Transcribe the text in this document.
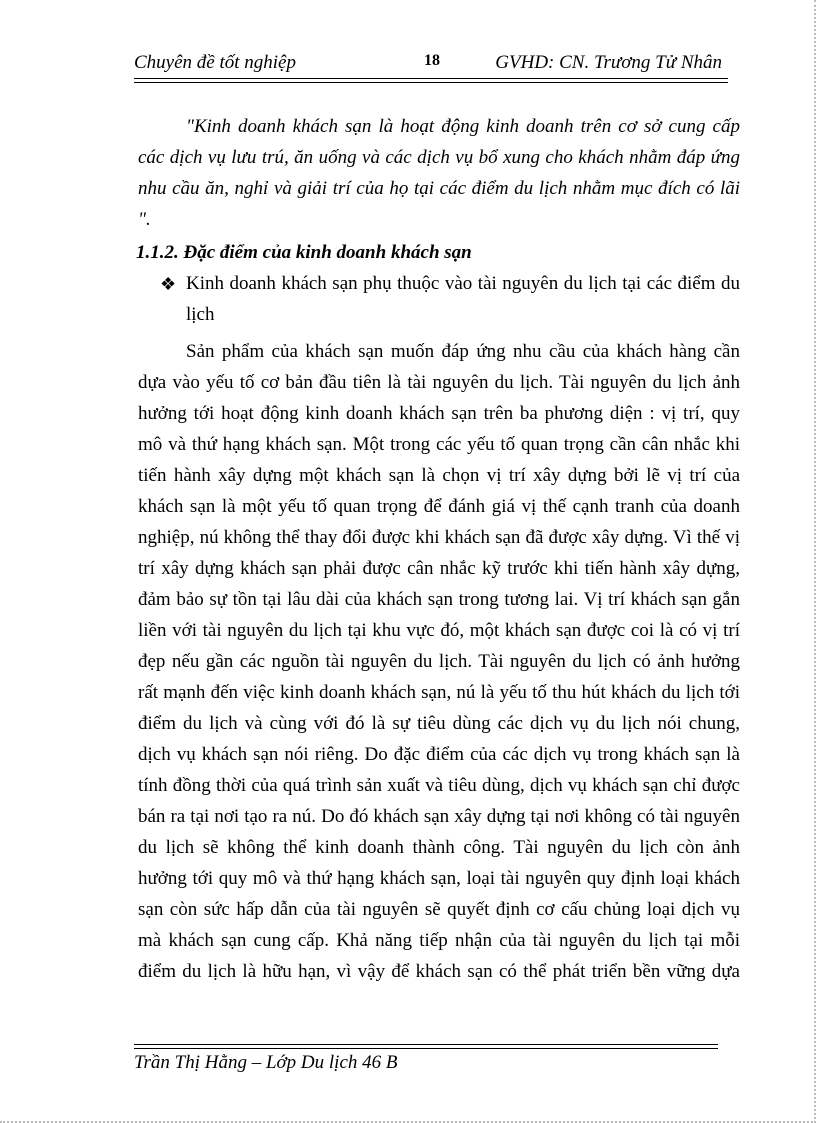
Chuyên đề tốt nghiệp	18	GVHD: CN. Trương Tử Nhân
"Kinh doanh khách sạn là hoạt động kinh doanh trên cơ sở cung cấp
các dịch vụ lưu trú, ăn uống và các dịch vụ bổ xung cho khách nhằm đáp ứng
nhu cầu ăn, nghỉ và giải trí của họ tại các điểm du lịch nhằm mục đích có lãi
".
1.1.2. Đặc điểm của kinh doanh khách sạn
❖ Kinh doanh khách sạn phụ thuộc vào tài nguyên du lịch tại các điểm du
lịch
Sản phẩm của khách sạn muốn đáp ứng nhu cầu của khách hàng cần
dựa vào yếu tố cơ bản đầu tiên là tài nguyên du lịch. Tài nguyên du lịch ảnh
hưởng tới hoạt động kinh doanh khách sạn trên ba phương diện : vị trí, quy
mô và thứ hạng khách sạn. Một trong các yếu tố quan trọng cần cân nhắc khi
tiến hành xây dựng một khách sạn là chọn vị trí xây dựng bởi lẽ vị trí của
khách sạn là một yếu tố quan trọng để đánh giá vị thế cạnh tranh của doanh
nghiệp, nú không thể thay đổi được khi khách sạn đã được xây dựng. Vì thế vị
trí xây dựng khách sạn phải được cân nhắc kỹ trước khi tiến hành xây dựng,
đảm bảo sự tồn tại lâu dài của khách sạn trong tương lai. Vị trí khách sạn gắn
liền với tài nguyên du lịch tại khu vực đó, một khách sạn được coi là có vị trí
đẹp nếu gần các nguồn tài nguyên du lịch. Tài nguyên du lịch có ảnh hưởng
rất mạnh đến việc kinh doanh khách sạn, nú là yếu tố thu hút khách du lịch tới
điểm du lịch và cùng với đó là sự tiêu dùng các dịch vụ du lịch nói chung,
dịch vụ khách sạn nói riêng. Do đặc điểm của các dịch vụ trong khách sạn là
tính đồng thời của quá trình sản xuất và tiêu dùng, dịch vụ khách sạn chỉ được
bán ra tại nơi tạo ra nú. Do đó khách sạn xây dựng tại nơi không có tài nguyên
du lịch sẽ không thể kinh doanh thành công. Tài nguyên du lịch còn ảnh
hưởng tới quy mô và thứ hạng khách sạn, loại tài nguyên quy định loại khách
sạn còn sức hấp dẫn của tài nguyên sẽ quyết định cơ cấu chủng loại dịch vụ
mà khách sạn cung cấp. Khả năng tiếp nhận của tài nguyên du lịch tại mỗi
điểm du lịch là hữu hạn, vì vậy để khách sạn có thể phát triển bền vững dựa
Trần Thị Hằng – Lớp Du lịch 46 B
